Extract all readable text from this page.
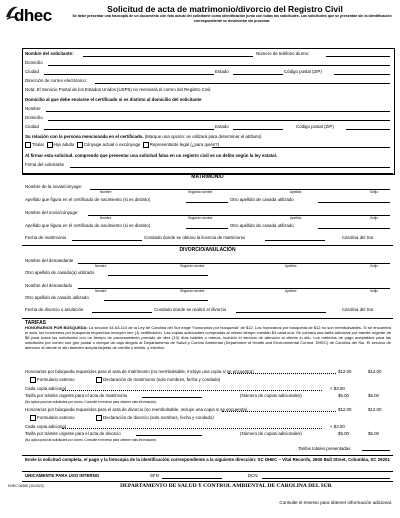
dhec	Solicitud de acta de matrimonio/divorcio del Registro Civil
Se debe presentar una fotocopia de un documento con foto actual del solicitante como identificación junto con todas las solicitudes. Las solicitudes que se presentan sin la identificación correspondiente se devolverán sin procesar.
Nombre del solicitante:	Número de teléfono diurno:
Domicilio
Ciudad	Estado	Código postal (ZIP)
Dirección de correo electrónico:
Nota: El Servicio Postal de los Estados Unidos (USPS) no reenviará el correo del Registro Civil.
Domicilio al que debe enviarse el certificado si es distinto al domicilio del solicitante
Nombre
Domicilio
Ciudad	Estado	Código postal (ZIP)
Su relación con la persona mencionada en el certificado. (Marque una opción: se utilizará para determinar el atributo)
Titular Hijo adulto Cónyuge actual o excónyuge Representante legal (¿para quién?)
Al firmar esta solicitud, comprendo que presentar una solicitud falsa en un registro civil es un delito según la ley estatal.
Firma del solicitante
MATRIMONIO
Nombre de la novia/cónyuge:
Nombre	Segundo nombre	Apellido	Sufijo
Apellido que figura en el certificado de nacimiento (si es distinto)	Otro apellido de casada utilizado
Nombre del novio/cónyuge:
Nombre	Segundo nombre	Apellido	Sufijo
Apellido que figura en el certificado de nacimiento (si es distinto)	Otro apellido de casada utilizado
Fecha de matrimonio	Condado donde se obtuvo la licencia de matrimonio	Carolina del Sur
DIVORCIO/ANULACIÓN
Nombre del demandante
Nombre	Segundo nombre	Apellido	Sufijo
Otro apellido de casado(a) utilizado
Nombre del demandado
Nombre	Segundo nombre	Apellido	Sufijo
Otro apellido de casado utilizado
Fecha de divorcio o anulación	Condado donde se realizó el divorcio	Carolina del Sur
TARIFAS
HONORARIOS POR BÚSQUEDA: La sección 44-63-110 de la Ley de Carolina del Sur exige "honorarios por búsqueda" de $12. Los honorarios por búsqueda de $12 no son reembolsables. Si se encuentra el acta, los honorarios por búsqueda requeridos incluyen uno (1) certificación. Las copias adicionales compradas al mismo tiempo cuestan $3 cada una. Se cobrará una tarifa adicional por trámite urgente de $5 para todas las solicitudes con un tiempo de procesamiento previsto de diez (10) días hábiles o menos, incluido el servicio de atención al cliente in situ. Los métodos de pago aceptables para las solicitudes por correo son giro postal o cheque de caja dirigido al Departamento de Salud y Control Ambiental (Department of Health and Environmental Control, DHEC) de Carolina del Sur. El servicio de atención al cliente in situ también acepta tarjetas de crédito y débito, y efectivo.
Honorarios por búsqueda requeridos para el acta de matrimonio (no reembolsable, incluye una copia si se encuentra)	$12.00	$12.00
Formulario extenso	Declaración de matrimonio (solo nombres, fecha y condado)
Cada copia adicional	× $3.00
Tarifa por trámite urgente para el acta de matrimonio	(Número de copias adicionales)	$5.00	$5.00
(No aplica para las solicitudes por correo. Consulte el reverso para obtener más información)
Honorarios por búsqueda requeridos para el acta de divorcio (no reembolsable, incluye una copia si se encuentra)	$12.00	$12.00
Formulario extenso	Declaración de divorcio (solo nombres, fecha y condado)
Cada copia adicional	× $3.00
Tarifa por trámite urgente para el acta de divorcio	(Número de copias adicionales)	$5.00	$5.00
(No aplica para las solicitudes por correo. Consulte el reverso para obtener más información)
Tarifas totales presentadas
Envíe la solicitud completa, el pago y la fotocopia de la identificación correspondiente a la siguiente dirección: SC DHEC – Vital Records, 2600 Bull Street, Columbia, SC 29201
UNICAMENTE PARA USO INTERNO	SFN	DCN
DHEC 0636E (10/2023)	DEPARTAMENTO DE SALUD Y CONTROL AMBIENTAL DE CAROLINA DEL SUR
Consulte el reverso para obtener información adicional.
